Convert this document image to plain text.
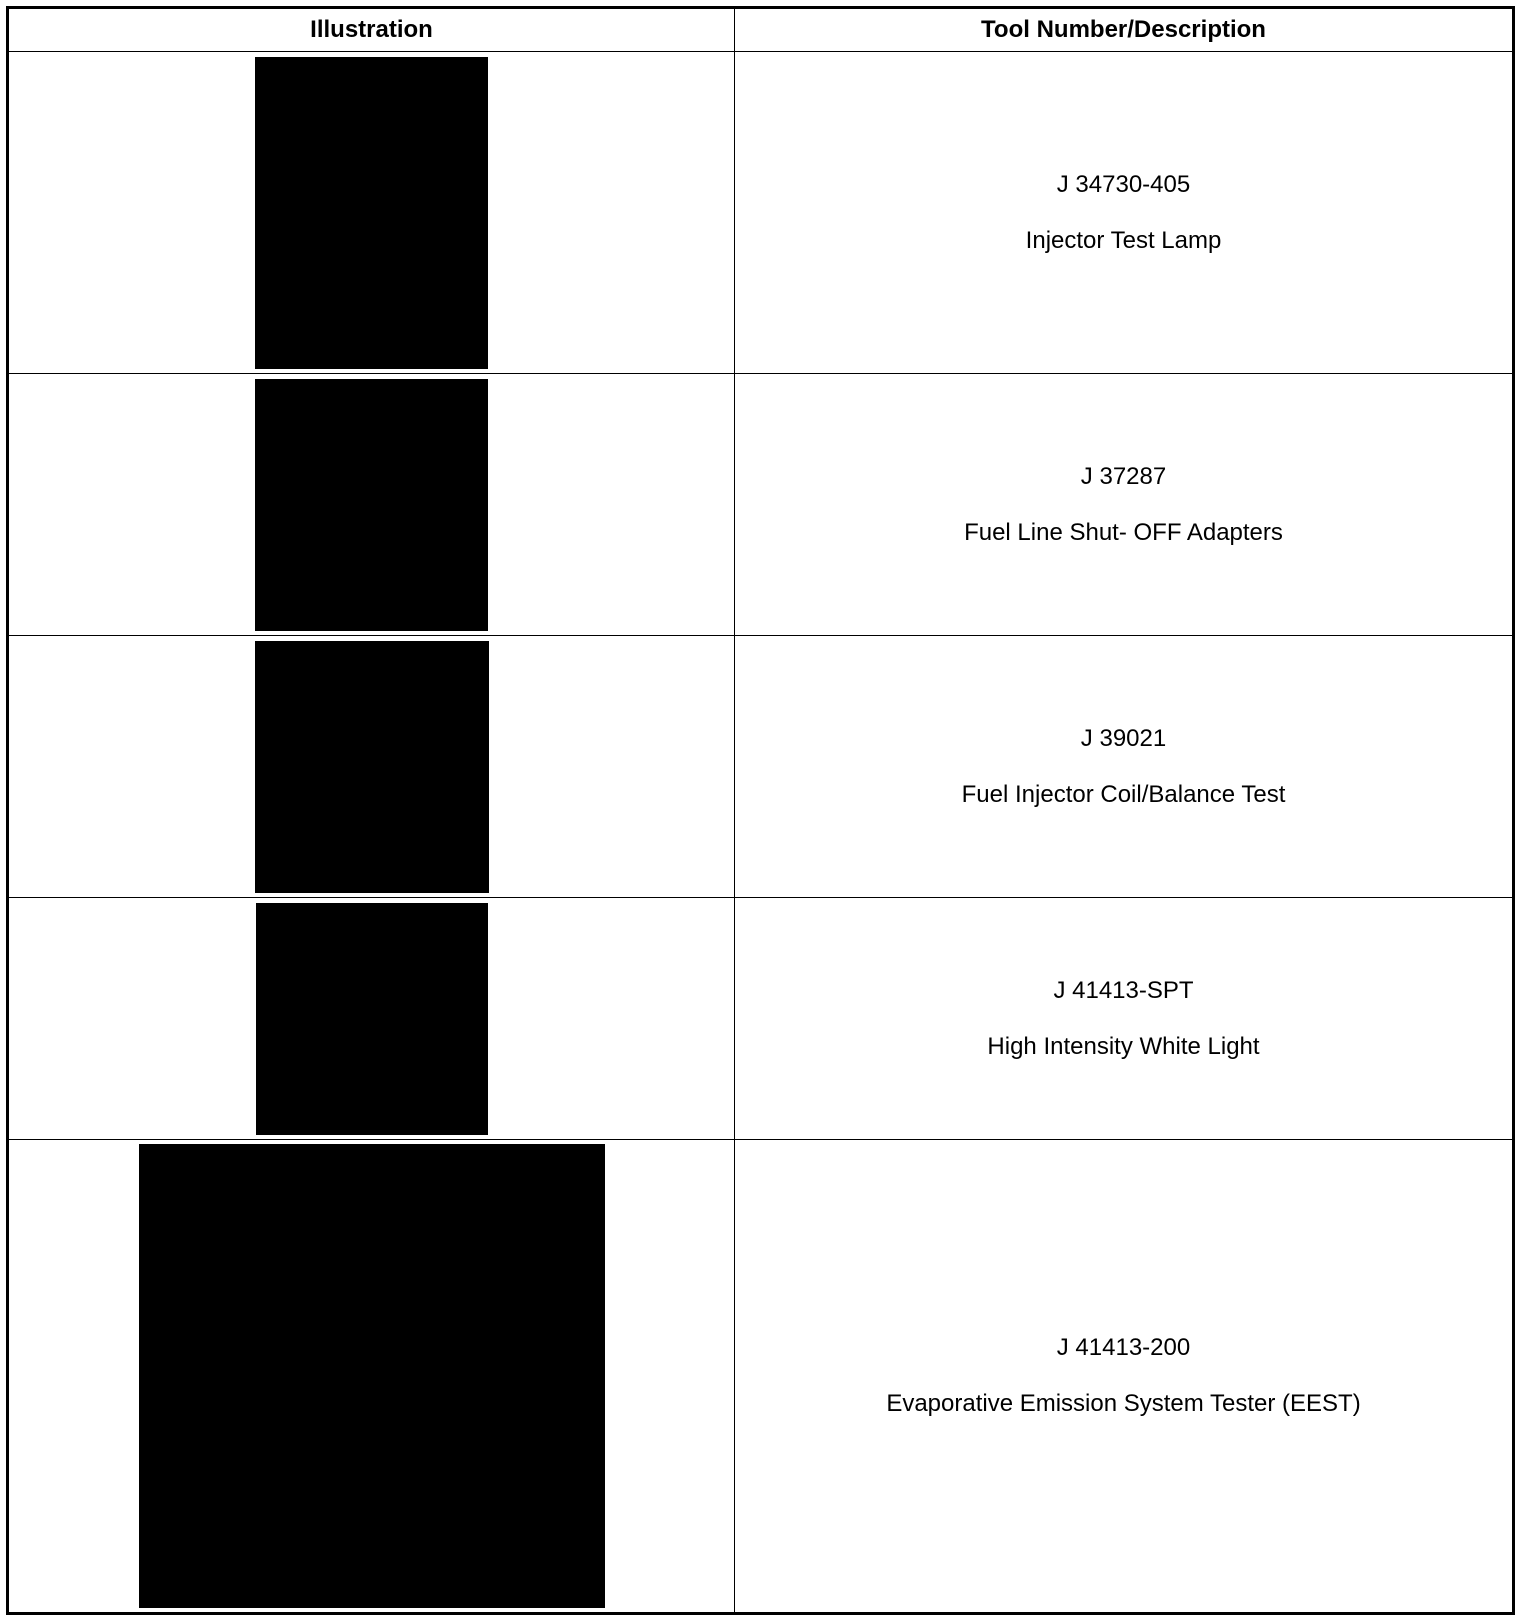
Illustration	Tool Number/Description

	J 34730-405
Injector Test Lamp

	J 37287
Fuel Line Shut- OFF Adapters

	J 39021
Fuel Injector Coil/Balance Test

	J 41413-SPT
High Intensity White Light

	J 41413-200
Evaporative Emission System Tester (EEST)
